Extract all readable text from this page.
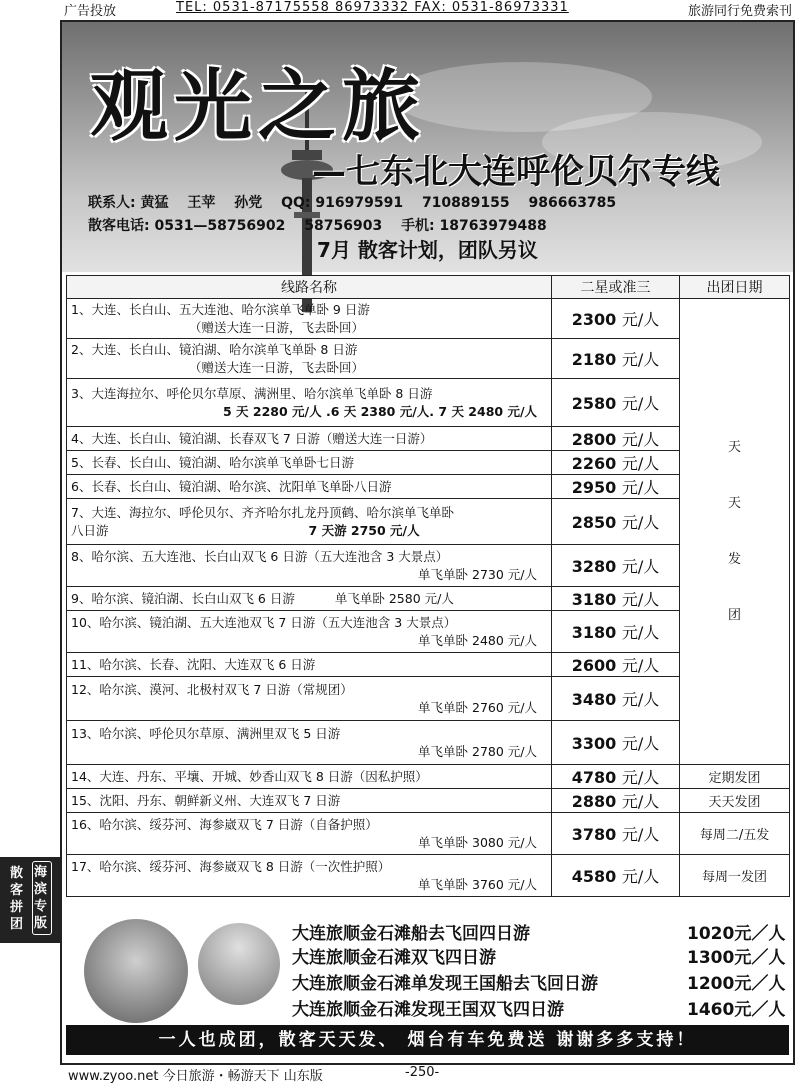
广告投放	TEL: 0531-87175558 86973332 FAX: 0531-86973331	旅游同行免费索刊
观光之旅
—七东北大连呼伦贝尔专线
联系人: 黄猛 王苹 孙党 QQ: 916979591 710889155 986663785
散客电话: 0531—58756902 58756903 手机: 18763979488
7月 散客计划，团队另议
线路名称	二星或准三	出团日期
1、大连、长白山、五大连池、哈尔滨单飞单卧 9 日游
（赠送大连一日游，飞去卧回）	2300 元/人	天
天
发
团
2、大连、长白山、镜泊湖、哈尔滨单飞单卧 8 日游
（赠送大连一日游，飞去卧回）	2180 元/人	
3、大连海拉尔、呼伦贝尔草原、满洲里、哈尔滨单飞单卧 8 日游
5 天 2280 元/人 .6 天 2380 元/人. 7 天 2480 元/人	2580 元/人	
4、大连、长白山、镜泊湖、长春双飞 7 日游（赠送大连一日游）	2800 元/人	
5、长春、长白山、镜泊湖、哈尔滨单飞单卧七日游	2260 元/人	
6、长春、长白山、镜泊湖、哈尔滨、沈阳单飞单卧八日游	2950 元/人	
7、大连、海拉尔、呼伦贝尔、齐齐哈尔扎龙丹顶鹤、哈尔滨单飞单卧
八日游 7 天游 2750 元/人	2850 元/人	
8、哈尔滨、五大连池、长白山双飞 6 日游（五大连池含 3 大景点）
单飞单卧 2730 元/人	3280 元/人	
9、哈尔滨、镜泊湖、长白山双飞 6 日游 单飞单卧 2580 元/人	3180 元/人	
10、哈尔滨、镜泊湖、五大连池双飞 7 日游（五大连池含 3 大景点）
单飞单卧 2480 元/人	3180 元/人	
11、哈尔滨、长春、沈阳、大连双飞 6 日游	2600 元/人	
12、哈尔滨、漠河、北极村双飞 7 日游（常规团）
单飞单卧 2760 元/人	3480 元/人	
13、哈尔滨、呼伦贝尔草原、满洲里双飞 5 日游
单飞单卧 2780 元/人	3300 元/人	
14、大连、丹东、平壤、开城、妙香山双飞 8 日游（因私护照）	4780 元/人	定期发团
15、沈阳、丹东、朝鲜新义州、大连双飞 7 日游	2880 元/人	天天发团
16、哈尔滨、绥芬河、海参崴双飞 7 日游（自备护照）
单飞单卧 3080 元/人	3780 元/人	每周二/五发
17、哈尔滨、绥芬河、海参崴双飞 8 日游（一次性护照）
单飞单卧 3760 元/人	4580 元/人	每周一发团
大连旅顺金石滩船去飞回四日游	1020元／人
大连旅顺金石滩双飞四日游	1300元／人
大连旅顺金石滩单发现王国船去飞回日游	1200元／人
大连旅顺金石滩发现王国双飞四日游	1460元／人
一人也成团，散客天天发、 烟台有车免费送 谢谢多多支持！
散客拼团
海滨专版
www.zyoo.net 今日旅游・畅游天下 山东版	-250-
